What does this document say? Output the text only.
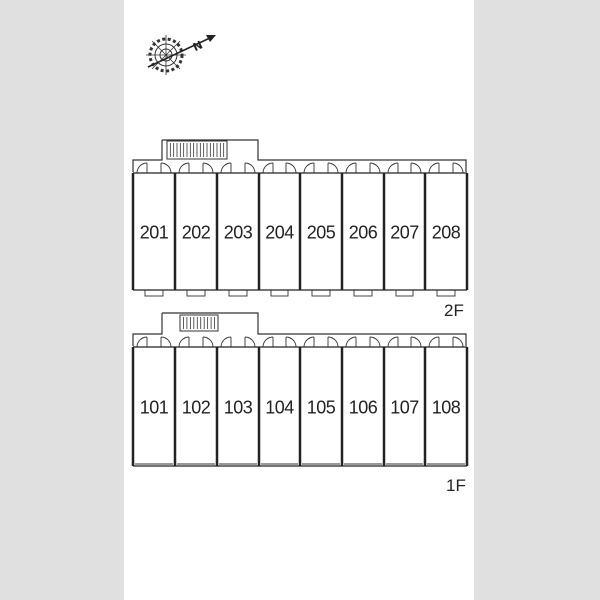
N
201 202 203 204 205 206 207 208
2F
101 102 103 104 105 106 107 108
1F
